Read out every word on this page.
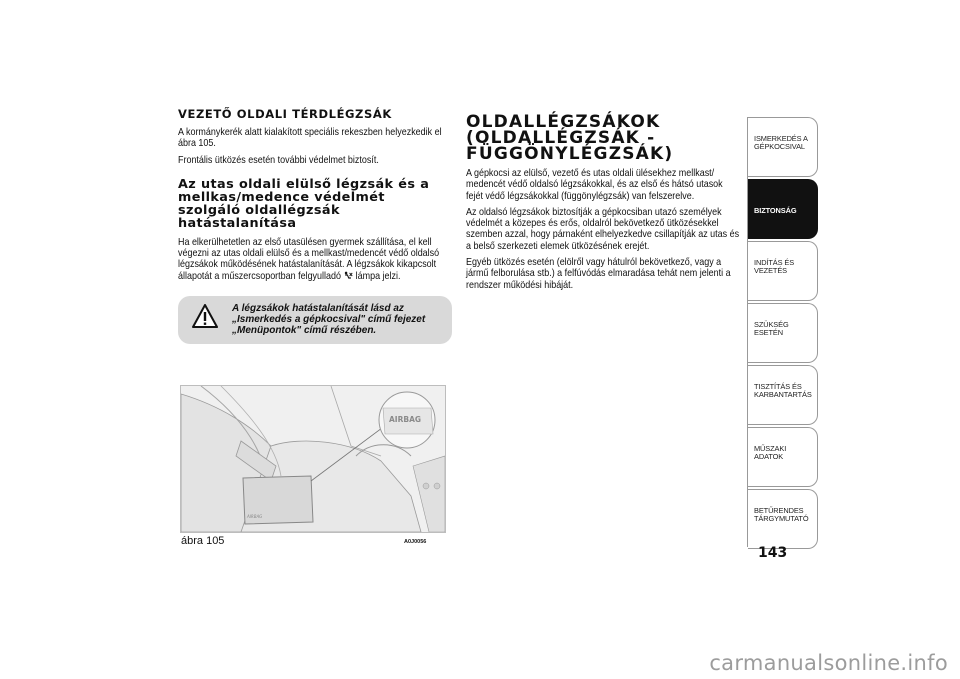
VEZETŐ OLDALI TÉRDLÉGZSÁK

A kormánykerék alatt kialakított speciális rekeszben helyezkedik el ábra 105.

Frontális ütközés esetén további védelmet biztosít.

Az utas oldali elülső légzsák és a mellkas/medence védelmét szolgáló oldallégzsák hatástalanítása

Ha elkerülhetetlen az első utasülésen gyermek szállítása, el kell végezni az utas oldali elülső és a mellkast/medencét védő oldalsó légzsákok működésének hatástalanítását. A légzsákok kikapcsolt állapotát a műszercsoportban felgyulladó lámpa jelzi.

A légzsákok hatástalanítását lásd az „Ismerkedés a gépkocsival" című fejezet „Menüpontok" című részében.
AIRBAG
AIRBAG
ábra 105	A0J0056
OLDALLÉGZSÁKOK
(OLDALLÉGZSÁK -
FÜGGÖNYLÉGZSÁK)

A gépkocsi az elülső, vezető és utas oldali ülésekhez mellkast/ medencét védő oldalsó légzsákokkal, és az első és hátsó utasok fejét védő légzsákokkal (függönylégzsák) van felszerelve.

Az oldalsó légzsákok biztosítják a gépkocsiban utazó személyek védelmét a közepes és erős, oldalról bekövetkező ütközésekkel szemben azzal, hogy párnaként elhelyezkedve csillapítják az utas és a belső szerkezeti elemek ütközésének erejét.

Egyéb ütközés esetén (elölről vagy hátulról bekövetkező, vagy a jármű felborulása stb.) a felfúvódás elmaradása tehát nem jelenti a rendszer működési hibáját.

ISMERKEDÉS A GÉPKOCSIVAL
BIZTONSÁG
INDÍTÁS ÉS VEZETÉS
SZÜKSÉG ESETÉN
TISZTÍTÁS ÉS KARBANTARTÁS
MŰSZAKI ADATOK
BETŰRENDES TÁRGYMUTATÓ
143
carmanualsonline.info
